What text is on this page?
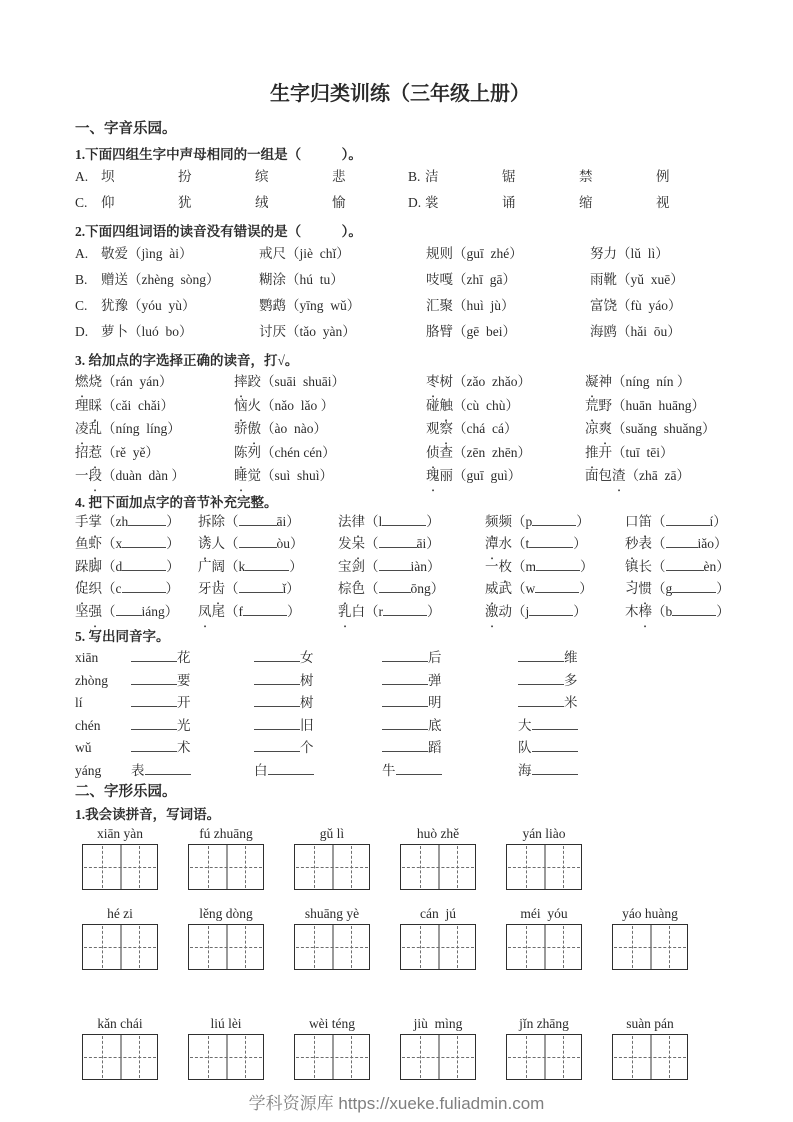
生字归类训练（三年级上册）
一、字音乐园。
1.下面四组生字中声母相同的一组是（　　　）。
A. 坝	扮	缤	悲	B. 洁	锯	禁	例
C. 仰	犹	绒	愉	D. 裳	诵	缩	视
2.下面四组词语的读音没有错误的是（　　　）。
A. 敬爱（jìng  ài）	戒尺（jiè  chǐ）	规则（guī  zhé）	努力（lǔ  lì）
B. 赠送（zhèng  sòng）	糊涂（hú  tu）	吱嘎（zhī  gā）	雨靴（yǔ  xuē）
C. 犹豫（yóu  yù）	鹦鹉（yīng  wǔ）	汇聚（huì  jù）	富饶（fù  yáo）
D. 萝卜（luó  bo）	讨厌（tǎo  yàn）	胳臂（gē  bei）	海鸥（hǎi  ōu）
3. 给加点的字选择正确的读音，打√。
燃 ●烧（rán  yán）	摔 ●跤（suāi  shuāi）	枣 ●树（zǎo  zhǎo）	凝 ●神（níng  nín ）
理睬 ●（cǎi  chǎi）	恼 ●火（nǎo  lǎo ）	碰触 ●（cù  chù）	荒 ●野（huān  huāng）
凌 ●乱（níng  líng）	骄傲 ●（ào  nào）	观察 ●（chá  cá）	凉爽 ●（suǎng  shuǎng）
招惹 ●（rě  yě）	陈 ●列（chén cén）	侦 ●查（zēn  zhēn）	推 ●开（tuī  tēi）
一段 ●（duàn  dàn ）	睡 ●觉（suì  shuì）	瑰 ●丽（guī  guì）	面包渣 ●（zhā  zā）
4. 把下面加点字的音节补充完整。
手掌 ●（zh	）	拆 ●除（	āi）	法律 ●（l	）	频 ●频（p	）	口笛 ●（	í）
鱼虾 ●（x	）	诱 ●人（	òu）	发呆 ●（	āi）	潭 ●水（t	）	秒 ●表（ iǎo）
跺 ●脚（d	）	广阔 ●（k	）	宝剑 ●（ iàn）	一枚 ●（m	）	镇 ●长（	èn）
促 ●织（c	）	牙齿 ●（	ǐ）	棕 ●色（ ōng）	威 ●武（w	）	习惯 ●（g	）
坚强 ●（ iáng）	凤 ●尾（f	）	乳 ●白（r	）	激 ●动（j	）	木棒 ●（b	）
5. 写出同音字。
xiān	花	女	后	维
zhòng	要	树	弹	多
lí	开	树	明	米
chén	光	旧	底	大
wǔ	术	个	蹈	队
yáng	表	白	牛	海
二、字形乐园。
1.我会读拼音，写词语。
xiān yàn	fú zhuāng	gǔ lì	huò zhě	yán liào
hé zi	lěng dòng	shuāng yè	cán  jú	méi  yóu	yáo huàng
kǎn chái	liú lèi	wèi téng	jiù  mìng	jǐn zhāng	suàn pán
学科资源库 https://xueke.fuliadmin.com
